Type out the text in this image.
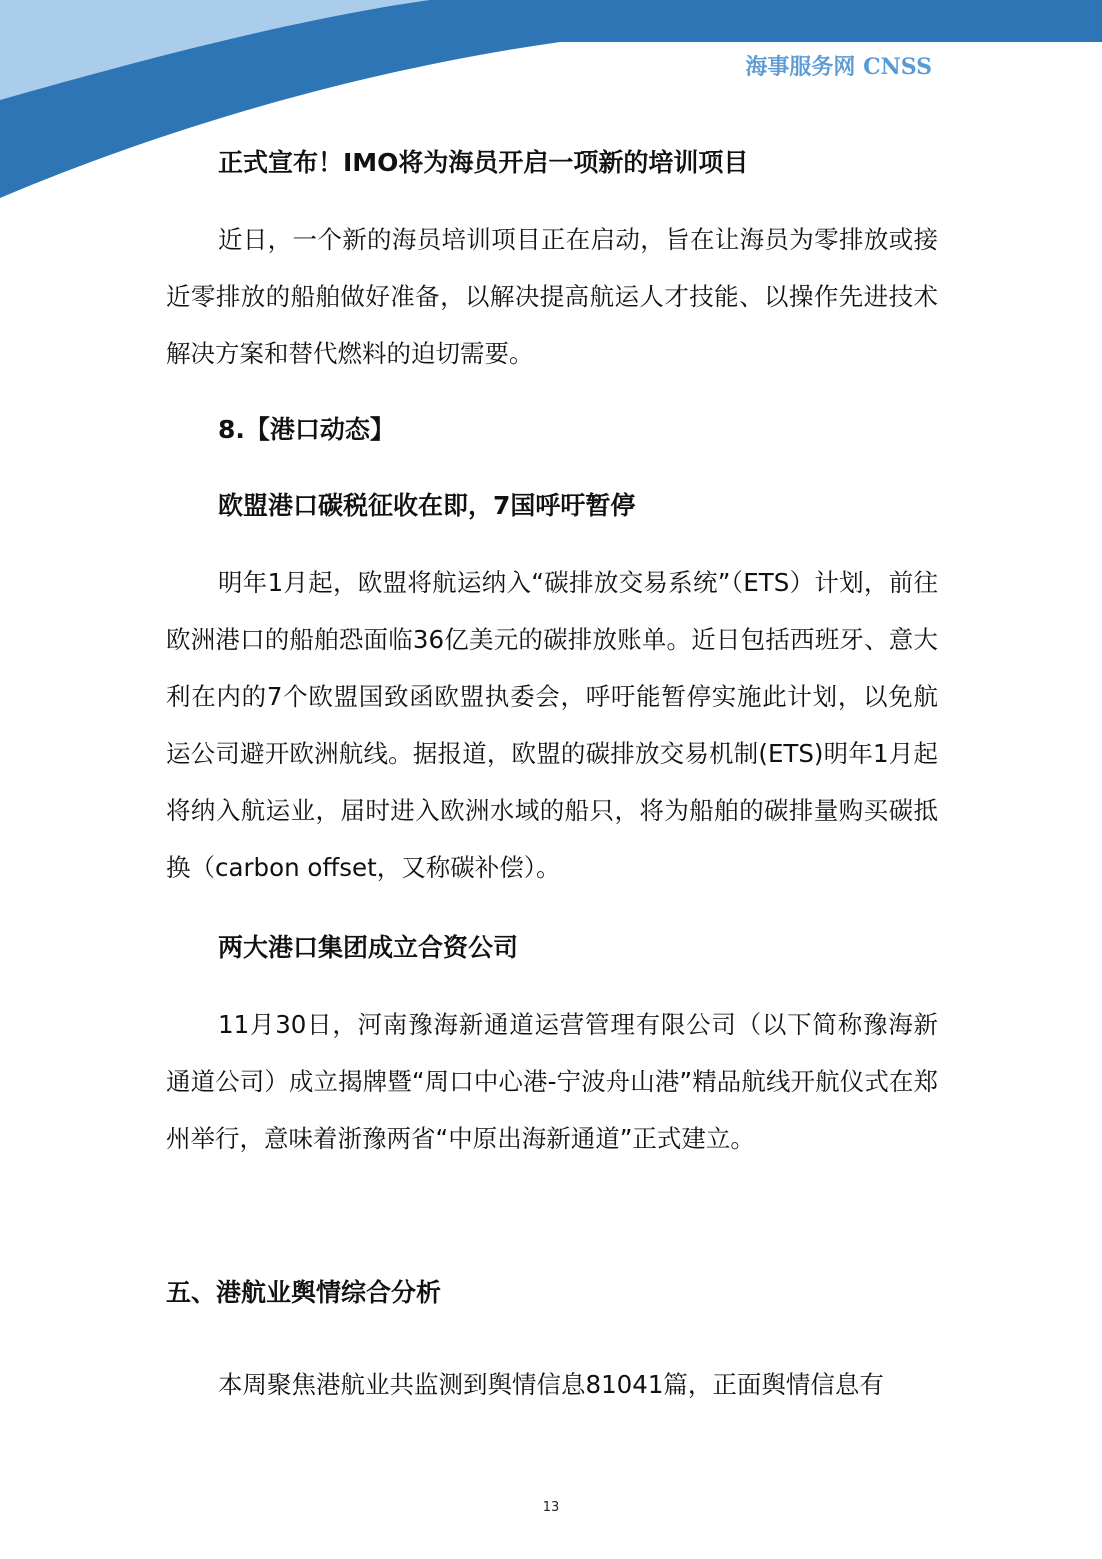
海事服务网 CNSS
正式宣布！IMO将为海员开启一项新的培训项目
近日，一个新的海员培训项目正在启动，旨在让海员为零排放或接近零排放的船舶做好准备，以解决提高航运人才技能、以操作先进技术解决方案和替代燃料的迫切需要。
8.【港口动态】
欧盟港口碳税征收在即，7国呼吁暂停
明年1月起，欧盟将航运纳入“碳排放交易系统”（ETS）计划，前往欧洲港口的船舶恐面临36亿美元的碳排放账单。近日包括西班牙、意大利在内的7个欧盟国致函欧盟执委会，呼吁能暂停实施此计划，以免航运公司避开欧洲航线。据报道，欧盟的碳排放交易机制(ETS)明年1月起将纳入航运业，届时进入欧洲水域的船只，将为船舶的碳排量购买碳抵换（carbon offset，又称碳补偿）。
两大港口集团成立合资公司
11月30日，河南豫海新通道运营管理有限公司（以下简称豫海新通道公司）成立揭牌暨“周口中心港-宁波舟山港”精品航线开航仪式在郑州举行，意味着浙豫两省“中原出海新通道”正式建立。
五、港航业舆情综合分析
本周聚焦港航业共监测到舆情信息81041篇，正面舆情信息有
13
